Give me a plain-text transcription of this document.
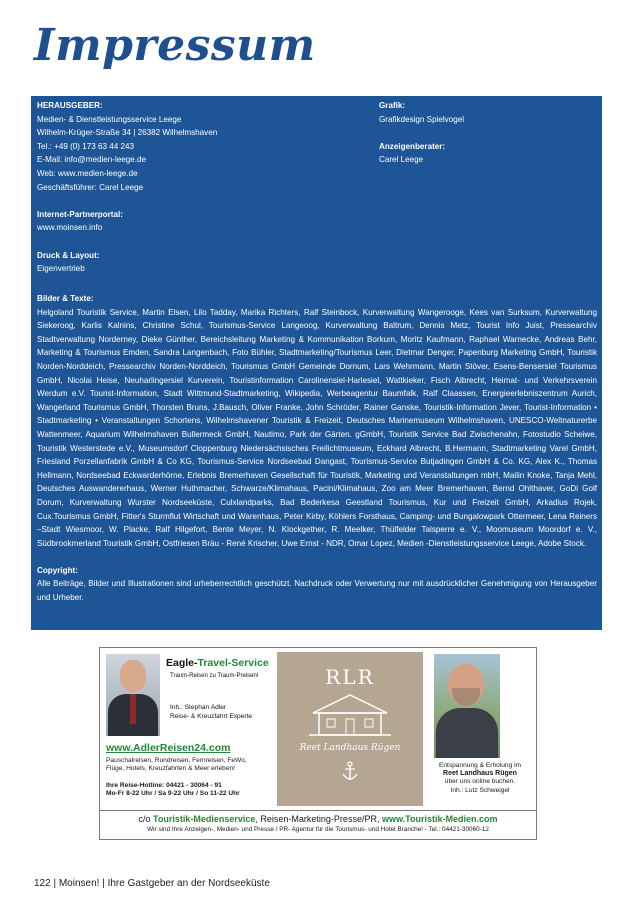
Impressum
HERAUSGEBER:
Medien- & Dienstleistungsservice Leege
Wilhelm-Krüger-Straße 34 | 26382 Wilhelmshaven
Tel.: +49 (0) 173 63 44 243
E-Mail: info@medien-leege.de
Web: www.medien-leege.de
Geschäftsführer: Carel Leege
Internet-Partnerportal:
www.moinsen.info
Druck & Layout:
Eigenvertrieb
Grafik:
Grafikdesign Spielvogel
Anzeigenberater:
Carel Leege
Bilder & Texte:
Helgoland Touristik Service, Martin Elsen, Lilo Tadday, Marika Richters, Ralf Steinbock, Kurverwaltung Wangerooge, Kees van Surksum, Kurverwaltung Siekeroog, Karlis Kalnins, Christine Schul, Tourismus-Service Langeoog, Kurverwaltung Baltrum, Dennis Metz, Tourist Info Juist, Pressearchiv Stadtverwaltung Norderney, Dieke Günther, Bereichsleitung Marketing & Kommunikation Borkum, Moritz Kaufmann, Raphael Warnecke, Andreas Behr, Marketing & Tourismus Emden, Sandra Langenbach, Foto Bühler, Stadtmarketing/Tourismus Leer, Dietmar Denger, Papenburg Marketing GmbH, Touristik Norden-Norddeich, Pressearchiv Norden-Norddeich, Tourismus GmbH Gemeinde Dornum, Lars Wehrmann, Martin Stöver, Esens-Bensersiel Tourismus GmbH, Nicolai Heise, Neuharlingersiel Kurverein, Touristinformation Carolinensiel-Harlesiel, Wattkieker, Fisch Albrecht, Heimat- und Verkehrsverein Werdum e.V. Tourist-Information, Stadt Wittmund-Stadtmarketing, Wikipedia, Werbeagentur Baumfalk, Ralf Claassen, Energieerlebniszentrum Aurich, Wangerland Tourismus GmbH, Thorsten Bruns, J.Bausch, Oliver Franke, John Schröder, Rainer Ganske, Touristik-Information Jever, Tourist-Information • Stadtmarketing • Veranstaltungen Schortens, Wilhelmshavener Touristik & Freizeit, Deutsches Marinemuseum Wilhelmshaven, UNESCO-Weltnaturerbe Wattenmeer, Aquarium Wilhelmshaven Bullermeck GmbH, Nautimo, Park der Gärten. gGmbH, Touristik Service Bad Zwischenahn, Fotostudio Scheiwe, Touristik Westerstede e.V., Museumsdorf Cloppenburg Niedersächsisches Freilichtmuseum, Eckhard Albrecht, B.Hermann, Stadtmarketing Varel GmbH, Friesland Porzellanfabrik GmbH & Co KG, Tourismus-Service Nordseebad Dangast, Tourismus-Service Butjadingen GmbH & Co. KG, Alex K., Thomas Hellmann, Nordseebad Eckwarderhörne, Erlebnis Bremerhaven Gesellschaft für Touristik, Marketing und Veranstaltungen mbH, Mailin Knoke, Tanja Mehl, Deutsches Auswandererhaus, Werner Huthmacher, Schwarze/Klimahaus, Pacini/Klimahaus, Zoo am Meer Bremerhaven, Bernd Ohlthaver, GoDi Golf Dorum, Kurverwaltung Wurster Nordseeküste, Culxlandparks, Bad Bederkesa Geestland Tourismus, Kur und Freizeit GmbH, Arkadius Rojek, Cux.Tourismus GmbH, Fitter's Sturmflut Wirtschaft und Warenhaus, Peter Kirby, Köhlers Forsthaus, Camping- und Bungalowpark Ottermeer, Lena Reiners –Stadt Wiesmoor, W. Placke, Ralf Hilgefort, Bente Meyer, N. Klockgether, R. Meelker, Thülfelder Talsperre e. V., Moomuseum Moordorf e. V., Südbrookmerland Touristik GmbH, Ostfriesen Bräu - René Krischer, Uwe Ernst - NDR, Omar Lopez, Medien -Dienstleistungsservice Leege, Adobe Stock.
Copyright:
Alle Beiträge, Bilder und Illustrationen sind urheberrechtlich geschützt. Nachdruck oder Verwertung nur mit ausdrücklicher Genehmigung von Herausgeber und Urheber.
Eagle-Travel-Service
Traum-Reisen zu Traum-Preisen!
Inh.: Stephan Adler
Reise- & Kreuzfahrt Experte
www.AdlerReisen24.com
Pauschalreisen, Rundreisen, Fernreisen, FeWo,
Flüge, Hotels, Kreuzfahrten & Meer erleben!
Ihre Reise-Hotline: 04421 - 30064 - 91
Mo-Fr 8-22 Uhr / Sa 9-22 Uhr / So 11-22 Uhr
RLR
Reet Landhaus Rügen
Entspannung & Erholung im
Reet Landhaus Rügen
über uns online buchen.
Inh.: Lutz Schweigel
c/o Touristik-Medienservice, Reisen-Marketing-Presse/PR, www.Touristik-Medien.com
Wir sind Ihre Anzeigen-, Medien- und Presse / PR- Agentur für die Tourismus- und Hotel Branche! - Tel.: 04421-30060-12
122 | Moinsen! | Ihre Gastgeber an der Nordseeküste
